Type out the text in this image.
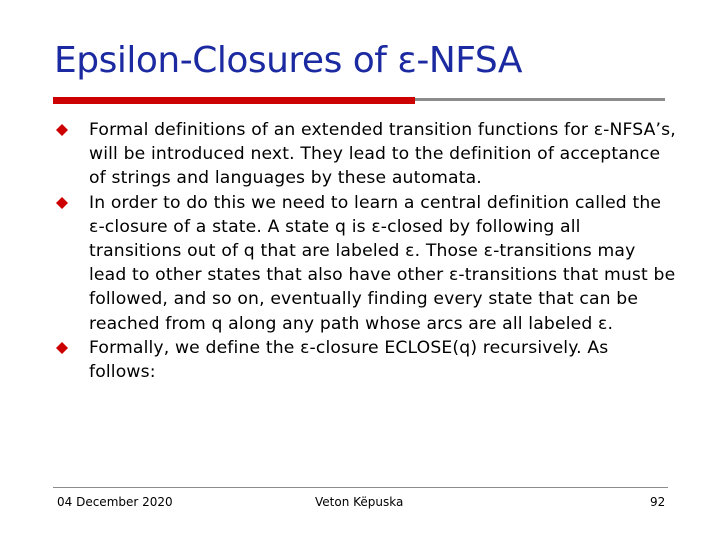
Epsilon-Closures of ε-NFSA
Formal definitions of an extended transition functions for ε-NFSA’s, will be introduced next. They lead to the definition of acceptance of strings and languages by these automata.
In order to do this we need to learn a central definition called the ε-closure of a state. A state q is ε-closed by following all transitions out of q that are labeled ε. Those ε-transitions may lead to other states that also have other ε-transitions that must be followed, and so on, eventually finding every state that can be reached from q along any path whose arcs are all labeled ε.
Formally, we define the ε-closure ECLOSE(q) recursively. As follows:
04 December 2020	Veton Këpuska	92
